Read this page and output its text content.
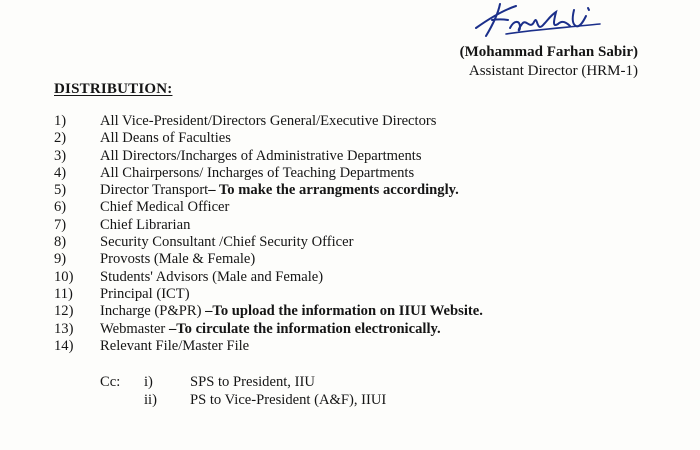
(Mohammad Farhan Sabir)
Assistant Director (HRM-1)
DISTRIBUTION:
1) All Vice-President/Directors General/Executive Directors
2) All Deans of Faculties
3) All Directors/Incharges of Administrative Departments
4) All Chairpersons/ Incharges of Teaching Departments
5) Director Transport– To make the arrangments accordingly.
6) Chief Medical Officer
7) Chief Librarian
8) Security Consultant /Chief Security Officer
9) Provosts (Male & Female)
10) Students' Advisors (Male and Female)
11) Principal (ICT)
12) Incharge (P&PR) –To upload the information on IIUI Website.
13) Webmaster –To circulate the information electronically.
14) Relevant File/Master File
Cc: i)	SPS to President, IIU
ii) PS to Vice-President (A&F), IIUI
